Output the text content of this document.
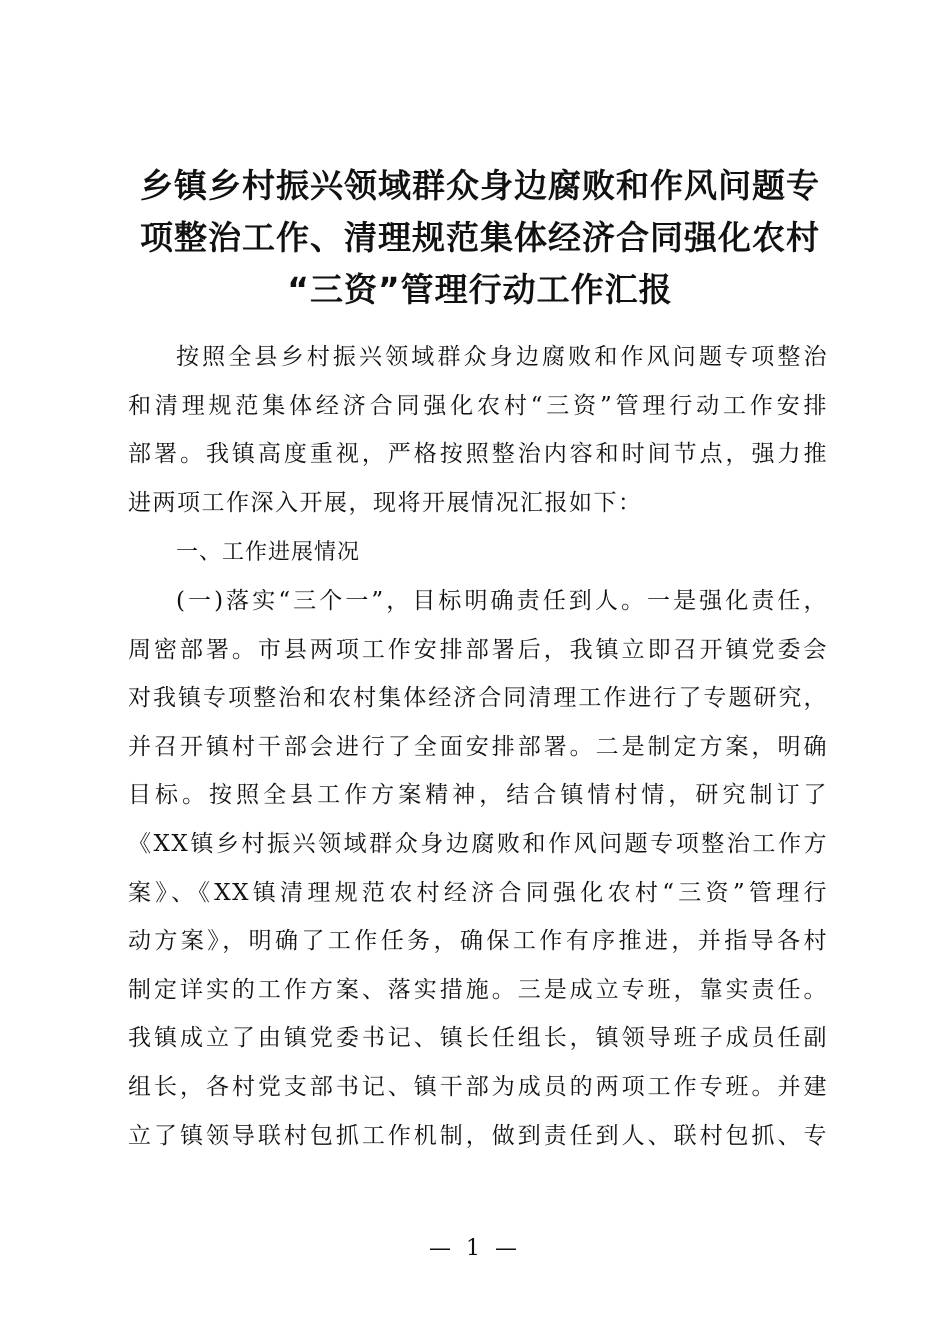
乡镇乡村振兴领域群众身边腐败和作风问题专
项整治工作、清理规范集体经济合同强化农村
“三资”管理行动工作汇报
按照全县乡村振兴领域群众身边腐败和作风问题专项整治
和清理规范集体经济合同强化农村“三资”管理行动工作安排
部署。我镇高度重视，严格按照整治内容和时间节点，强力推
进两项工作深入开展，现将开展情况汇报如下：
一、工作进展情况
(一)落实“三个一”，目标明确责任到人。一是强化责任，
周密部署。市县两项工作安排部署后，我镇立即召开镇党委会
对我镇专项整治和农村集体经济合同清理工作进行了专题研究，
并召开镇村干部会进行了全面安排部署。二是制定方案，明确
目标。按照全县工作方案精神，结合镇情村情，研究制订了
《XX镇乡村振兴领域群众身边腐败和作风问题专项整治工作方
案》、《XX镇清理规范农村经济合同强化农村“三资”管理行
动方案》，明确了工作任务，确保工作有序推进，并指导各村
制定详实的工作方案、落实措施。三是成立专班，靠实责任。
我镇成立了由镇党委书记、镇长任组长，镇领导班子成员任副
组长，各村党支部书记、镇干部为成员的两项工作专班。并建
立了镇领导联村包抓工作机制，做到责任到人、联村包抓、专
— 1 —
